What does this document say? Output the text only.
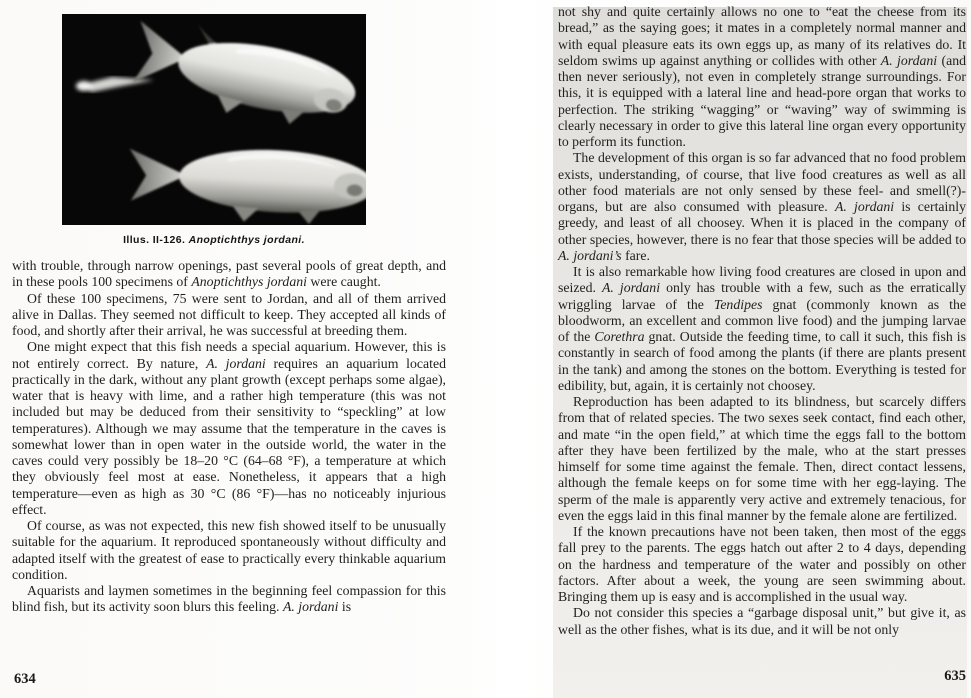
Illus. II-126. Anoptichthys jordani.

with trouble, through narrow openings, past several pools of great depth, and in these pools 100 specimens of Anoptichthys jordani were caught.

Of these 100 specimens, 75 were sent to Jordan, and all of them arrived alive in Dallas. They seemed not difficult to keep. They accepted all kinds of food, and shortly after their arrival, he was successful at breeding them.

One might expect that this fish needs a special aquarium. However, this is not entirely correct. By nature, A. jordani requires an aquarium located practically in the dark, without any plant growth (except perhaps some algae), water that is heavy with lime, and a rather high temperature (this was not included but may be deduced from their sensitivity to “speckling” at low temperatures). Although we may assume that the temperature in the caves is somewhat lower than in open water in the outside world, the water in the caves could very possibly be 18–20 °C (64–68 °F), a temperature at which they obviously feel most at ease. Nonetheless, it appears that a high temperature—even as high as 30 °C (86 °F)—has no noticeably injurious effect.

Of course, as was not expected, this new fish showed itself to be unusually suitable for the aquarium. It reproduced spontaneously without difficulty and adapted itself with the greatest of ease to practically every thinkable aquarium condition.

Aquarists and laymen sometimes in the beginning feel compassion for this blind fish, but its activity soon blurs this feeling. A. jordani is

634

not shy and quite certainly allows no one to “eat the cheese from its bread,” as the saying goes; it mates in a completely normal manner and with equal pleasure eats its own eggs up, as many of its relatives do. It seldom swims up against anything or collides with other A. jordani (and then never seriously), not even in completely strange surroundings. For this, it is equipped with a lateral line and head-pore organ that works to perfection. The striking “wagging” or “waving” way of swimming is clearly necessary in order to give this lateral line organ every opportunity to perform its function.

The development of this organ is so far advanced that no food problem exists, understanding, of course, that live food creatures as well as all other food materials are not only sensed by these feel- and smell(?)-organs, but are also consumed with pleasure. A. jordani is certainly greedy, and least of all choosey. When it is placed in the company of other species, however, there is no fear that those species will be added to A. jordani’s fare.

It is also remarkable how living food creatures are closed in upon and seized. A. jordani only has trouble with a few, such as the erratically wriggling larvae of the Tendipes gnat (commonly known as the bloodworm, an excellent and common live food) and the jumping larvae of the Corethra gnat. Outside the feeding time, to call it such, this fish is constantly in search of food among the plants (if there are plants present in the tank) and among the stones on the bottom. Everything is tested for edibility, but, again, it is certainly not choosey.

Reproduction has been adapted to its blindness, but scarcely differs from that of related species. The two sexes seek contact, find each other, and mate “in the open field,” at which time the eggs fall to the bottom after they have been fertilized by the male, who at the start presses himself for some time against the female. Then, direct contact lessens, although the female keeps on for some time with her egg-laying. The sperm of the male is apparently very active and extremely tenacious, for even the eggs laid in this final manner by the female alone are fertilized.

If the known precautions have not been taken, then most of the eggs fall prey to the parents. The eggs hatch out after 2 to 4 days, depending on the hardness and temperature of the water and possibly on other factors. After about a week, the young are seen swimming about. Bringing them up is easy and is accomplished in the usual way.

Do not consider this species a “garbage disposal unit,” but give it, as well as the other fishes, what is its due, and it will be not only

635
